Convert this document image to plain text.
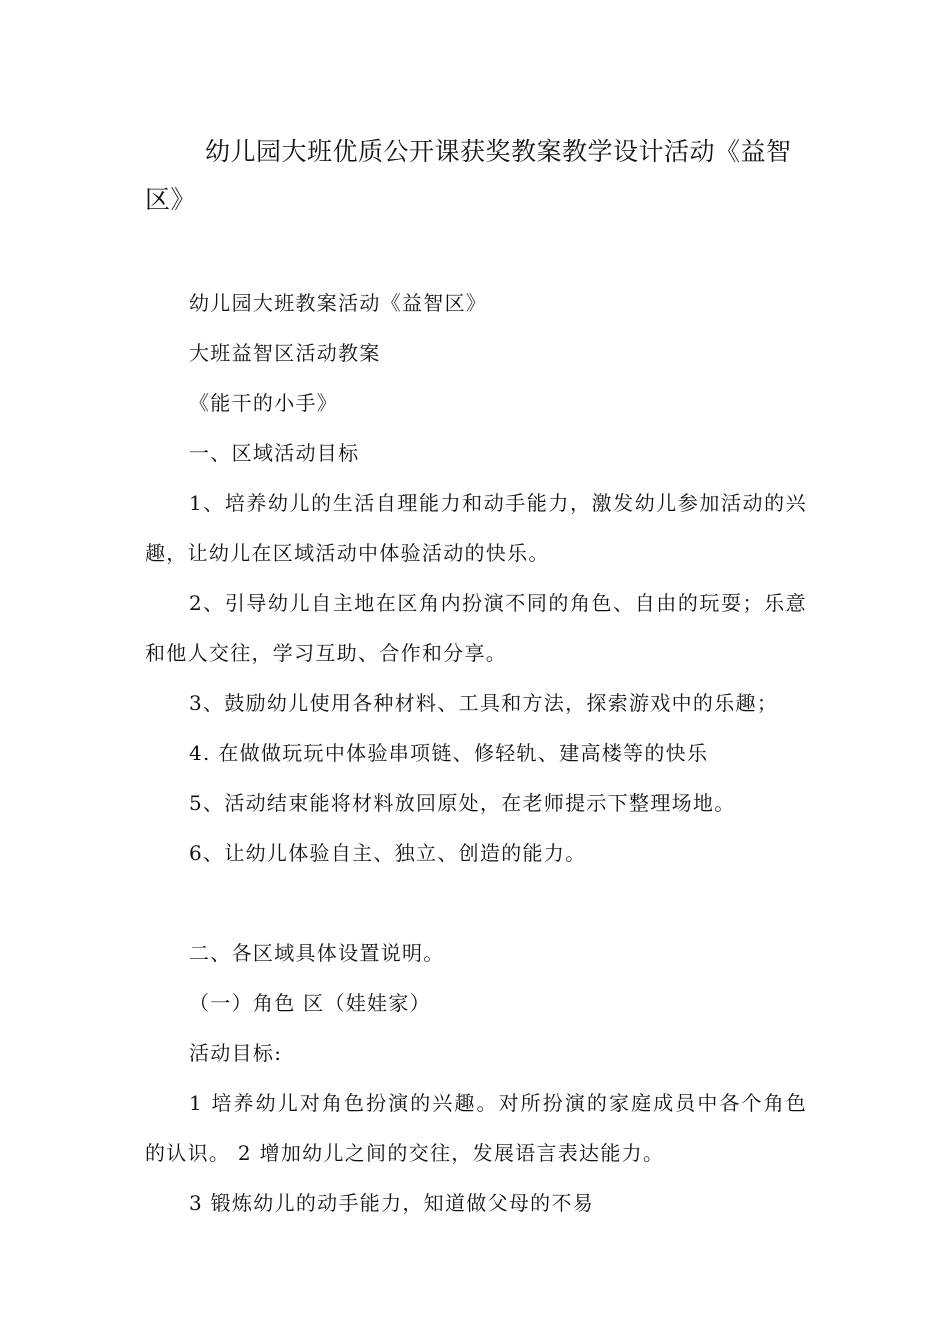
幼儿园大班优质公开课获奖教案教学设计活动《益智区》

幼儿园大班教案活动《益智区》

大班益智区活动教案

《能干的小手》

一、区域活动目标

1、培养幼儿的生活自理能力和动手能力，激发幼儿参加活动的兴趣，让幼儿在区域活动中体验活动的快乐。

2、引导幼儿自主地在区角内扮演不同的角色、自由的玩耍；乐意和他人交往，学习互助、合作和分享。

3、鼓励幼儿使用各种材料、工具和方法，探索游戏中的乐趣；

4. 在做做玩玩中体验串项链、修轻轨、建高楼等的快乐

5、活动结束能将材料放回原处，在老师提示下整理场地。

6、让幼儿体验自主、独立、创造的能力。

二、各区域具体设置说明。

（一）角色 区（娃娃家）

活动目标:

1 培养幼儿对角色扮演的兴趣。对所扮演的家庭成员中各个角色的认识。 2 增加幼儿之间的交往，发展语言表达能力。

3 锻炼幼儿的动手能力，知道做父母的不易
